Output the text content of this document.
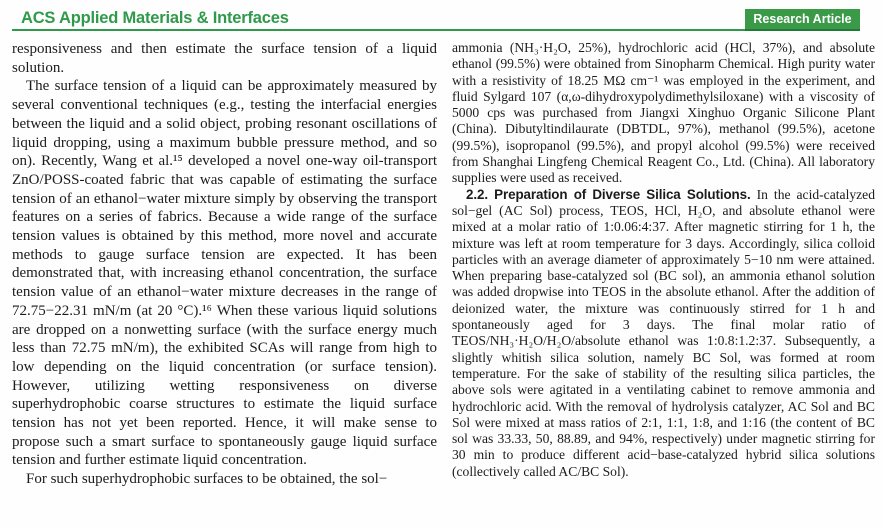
ACS Applied Materials & Interfaces	Research Article

responsiveness and then estimate the surface tension of a liquid solution.

The surface tension of a liquid can be approximately measured by several conventional techniques (e.g., testing the interfacial energies between the liquid and a solid object, probing resonant oscillations of liquid dropping, using a maximum bubble pressure method, and so on). Recently, Wang et al.¹⁵ developed a novel one-way oil-transport ZnO/POSS-coated fabric that was capable of estimating the surface tension of an ethanol−water mixture simply by observing the transport features on a series of fabrics. Because a wide range of the surface tension values is obtained by this method, more novel and accurate methods to gauge surface tension are expected. It has been demonstrated that, with increasing ethanol concentration, the surface tension value of an ethanol−water mixture decreases in the range of 72.75−22.31 mN/m (at 20 °C).¹⁶ When these various liquid solutions are dropped on a nonwetting surface (with the surface energy much less than 72.75 mN/m), the exhibited SCAs will range from high to low depending on the liquid concentration (or surface tension). However, utilizing wetting responsiveness on diverse superhydrophobic coarse structures to estimate the liquid surface tension has not yet been reported. Hence, it will make sense to propose such a smart surface to spontaneously gauge liquid surface tension and further estimate liquid concentration.

For such superhydrophobic surfaces to be obtained, the sol−

ammonia (NH₃·H₂O, 25%), hydrochloric acid (HCl, 37%), and absolute ethanol (99.5%) were obtained from Sinopharm Chemical. High purity water with a resistivity of 18.25 MΩ cm⁻¹ was employed in the experiment, and fluid Sylgard 107 (α,ω-dihydroxypolydimethylsiloxane) with a viscosity of 5000 cps was purchased from Jiangxi Xinghuo Organic Silicone Plant (China). Dibutyltindilaurate (DBTDL, 97%), methanol (99.5%), acetone (99.5%), isopropanol (99.5%), and propyl alcohol (99.5%) were received from Shanghai Lingfeng Chemical Reagent Co., Ltd. (China). All laboratory supplies were used as received.

2.2. Preparation of Diverse Silica Solutions. In the acid-catalyzed sol−gel (AC Sol) process, TEOS, HCl, H₂O, and absolute ethanol were mixed at a molar ratio of 1:0.06:4:37. After magnetic stirring for 1 h, the mixture was left at room temperature for 3 days. Accordingly, silica colloid particles with an average diameter of approximately 5−10 nm were attained. When preparing base-catalyzed sol (BC sol), an ammonia ethanol solution was added dropwise into TEOS in the absolute ethanol. After the addition of deionized water, the mixture was continuously stirred for 1 h and spontaneously aged for 3 days. The final molar ratio of TEOS/NH₃·H₂O/H₂O/absolute ethanol was 1:0.8:1.2:37. Subsequently, a slightly whitish silica solution, namely BC Sol, was formed at room temperature. For the sake of stability of the resulting silica particles, the above sols were agitated in a ventilating cabinet to remove ammonia and hydrochloric acid. With the removal of hydrolysis catalyzer, AC Sol and BC Sol were mixed at mass ratios of 2:1, 1:1, 1:8, and 1:16 (the content of BC sol was 33.33, 50, 88.89, and 94%, respectively) under magnetic stirring for 30 min to produce different acid−base-catalyzed hybrid silica solutions (collectively called AC/BC Sol).
